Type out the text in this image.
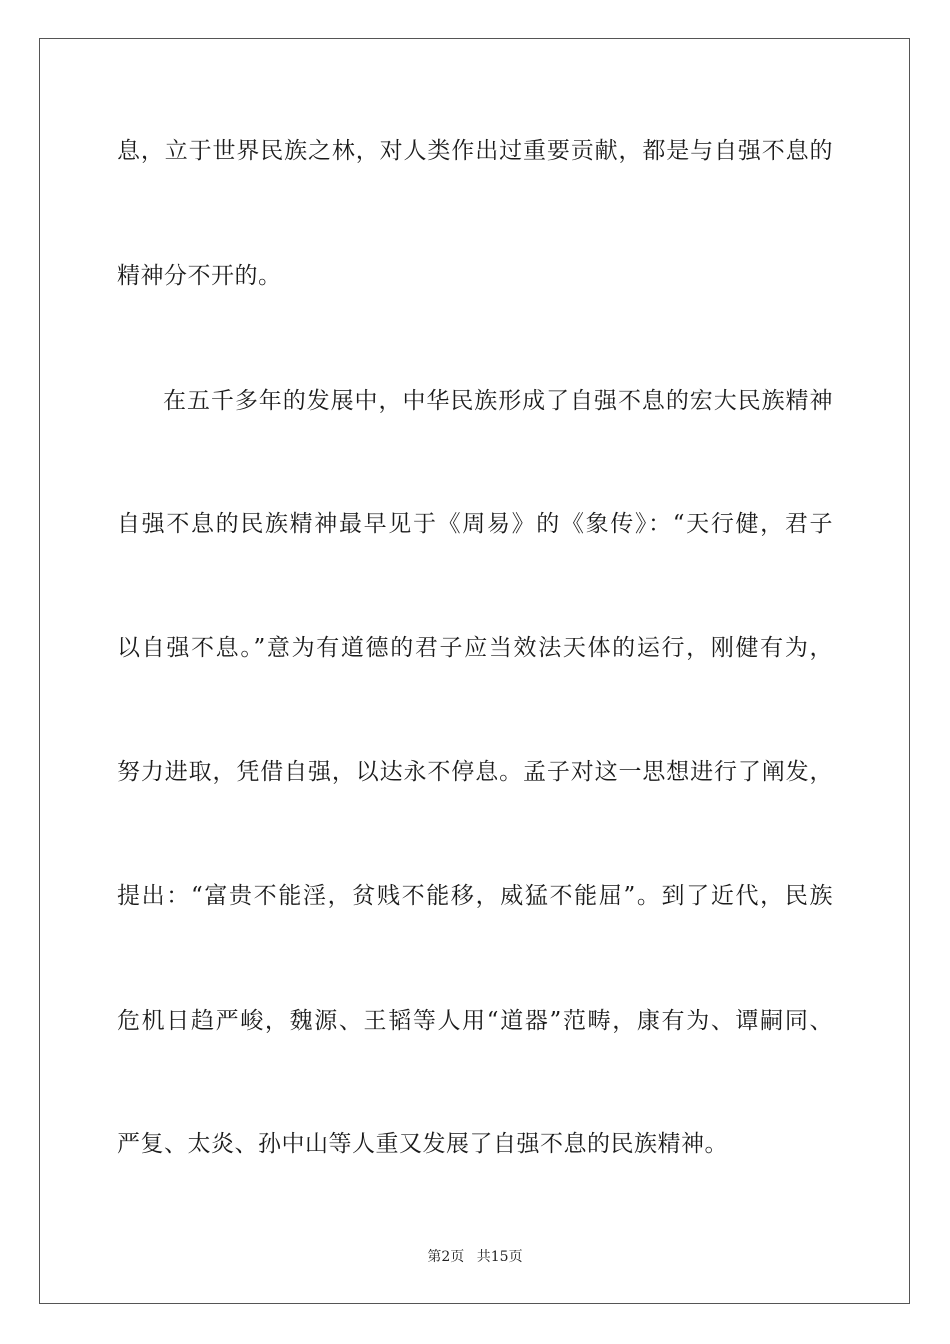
息，立于世界民族之林，对人类作出过重要贡献，都是与自强不息的
精神分不开的。
在五千多年的发展中，中华民族形成了自强不息的宏大民族精神
自强不息的民族精神最早见于《周易》的《象传》：“天行健，君子
以自强不息。”意为有道德的君子应当效法天体的运行，刚健有为，
努力进取，凭借自强，以达永不停息。孟子对这一思想进行了阐发，
提出：“富贵不能淫，贫贱不能移，威猛不能屈”。到了近代，民族
危机日趋严峻，魏源、王韬等人用“道器”范畴，康有为、谭嗣同、
严复、太炎、孙中山等人重又发展了自强不息的民族精神。
第2页 共15页
